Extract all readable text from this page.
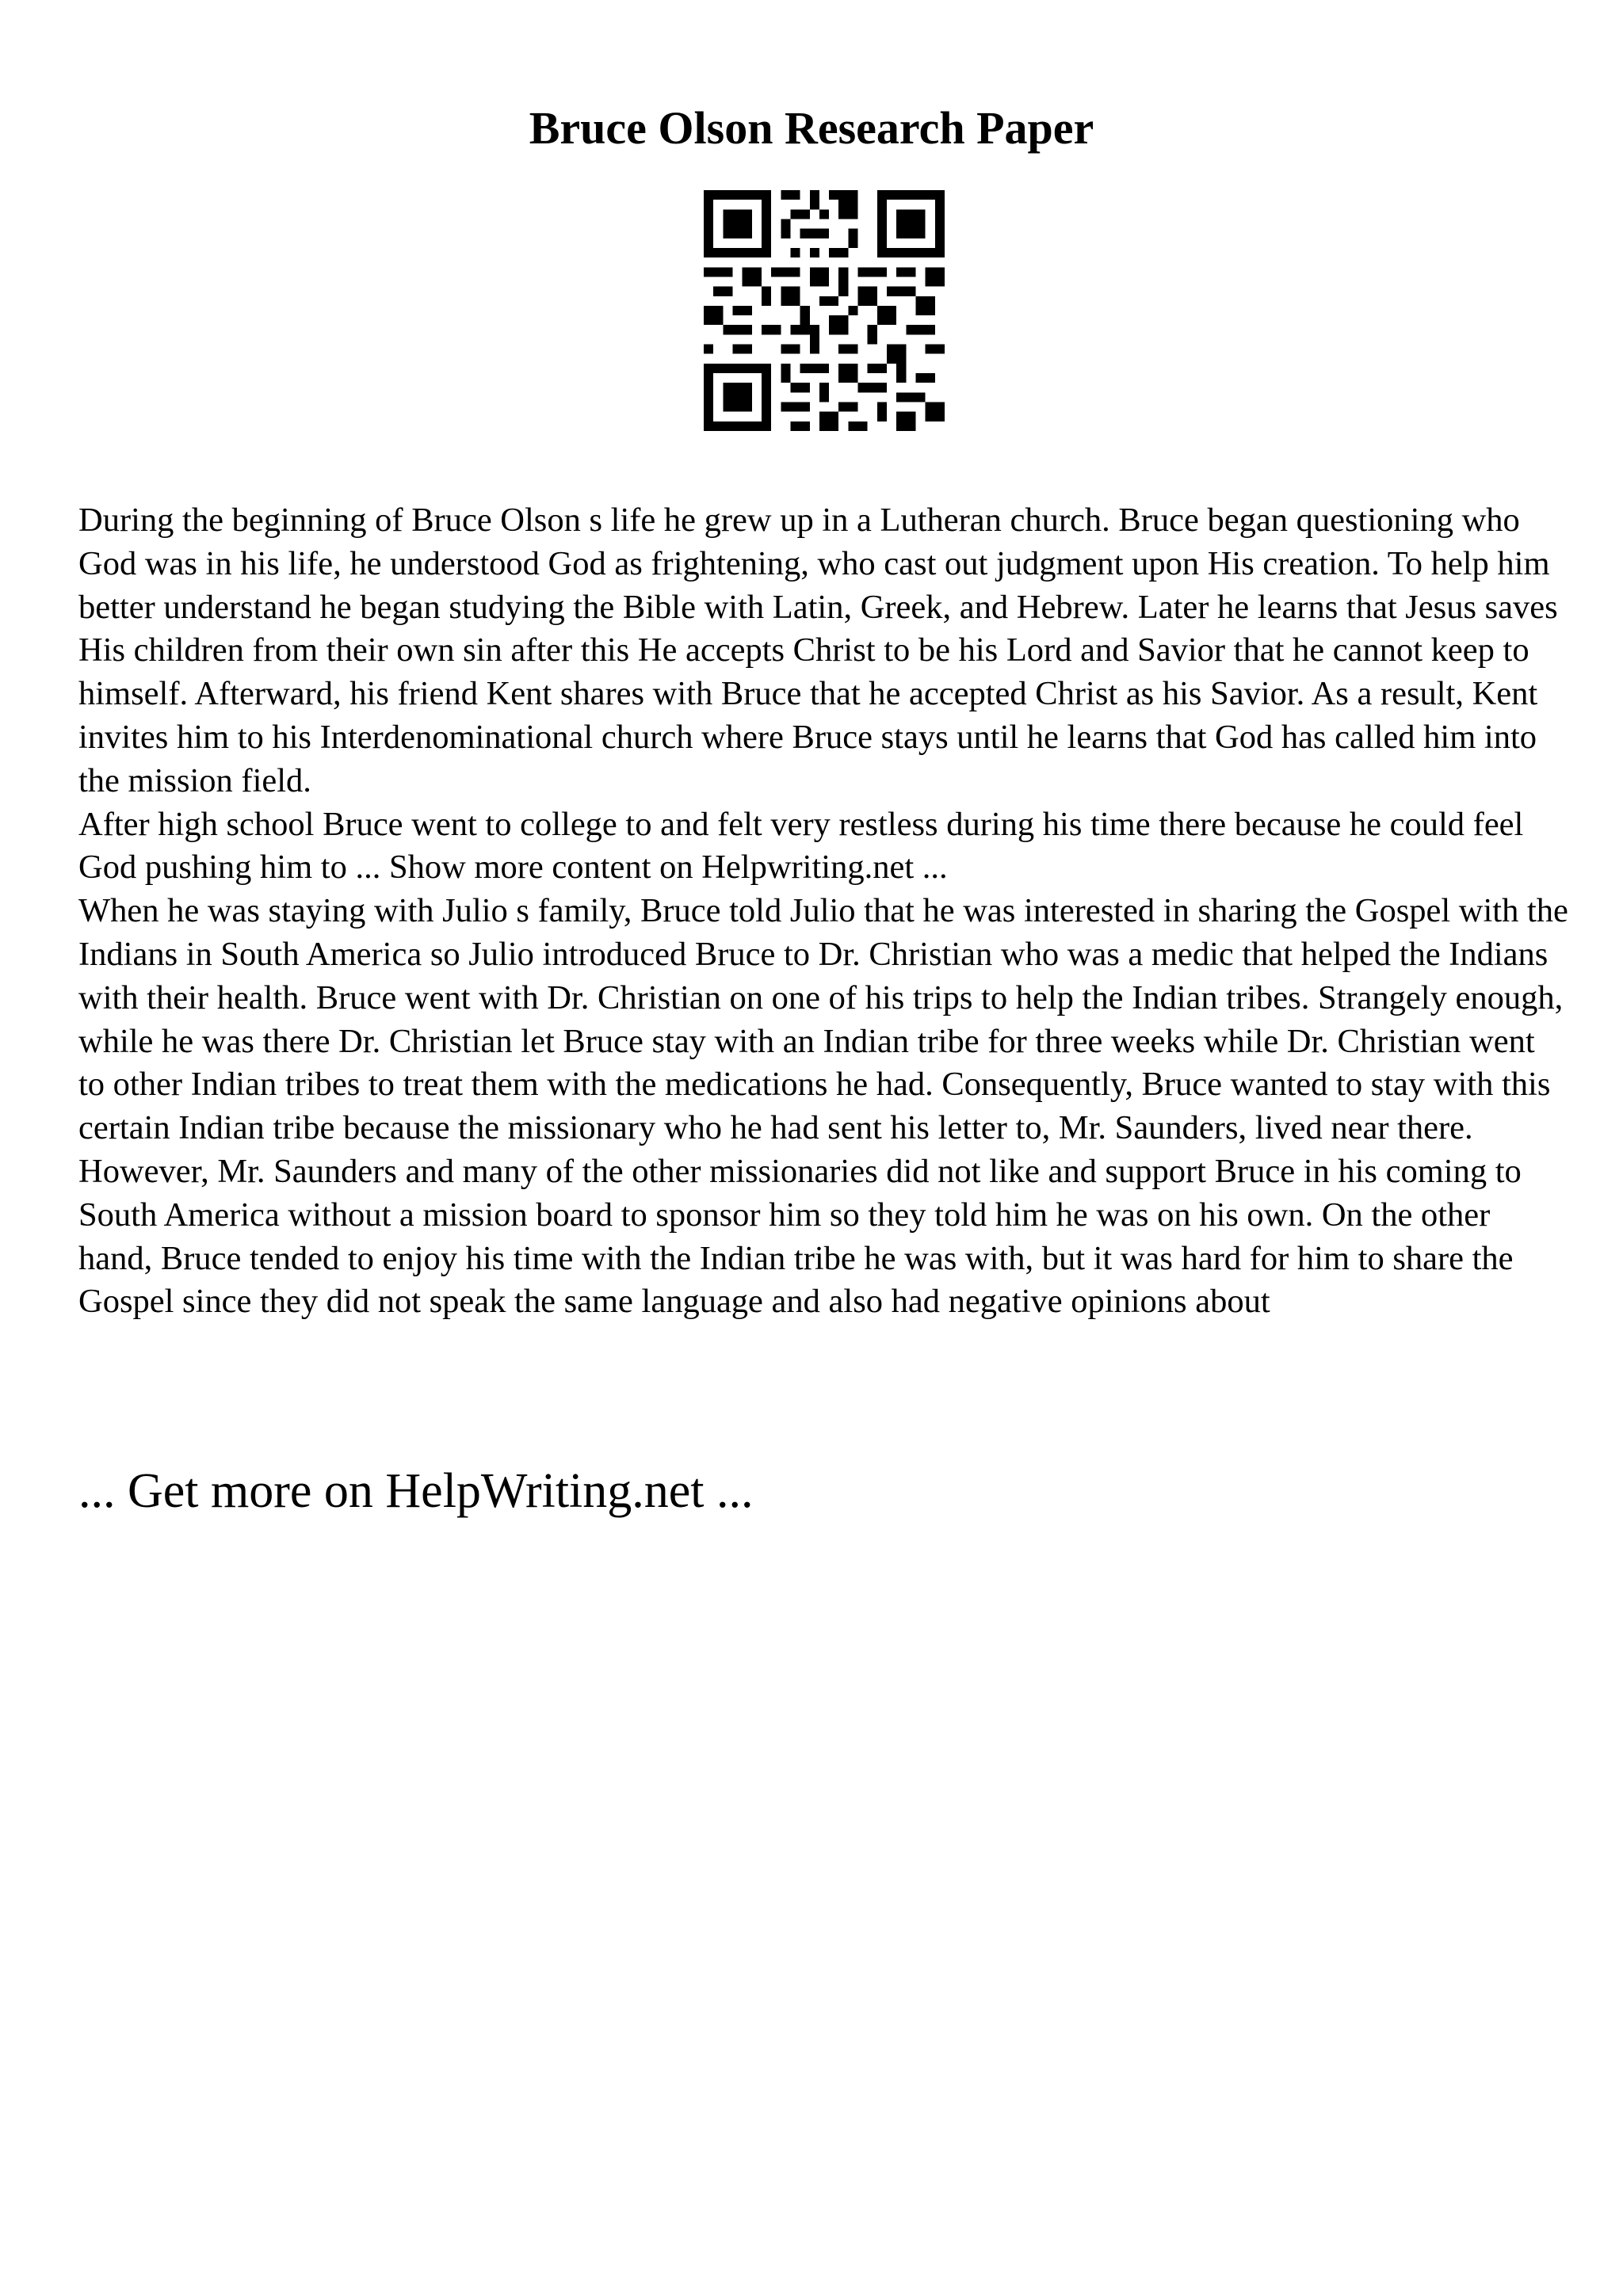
Bruce Olson Research Paper

During the beginning of Bruce Olson s life he grew up in a Lutheran church. Bruce began questioning who God was in his life, he understood God as frightening, who cast out judgment upon His creation. To help him better understand he began studying the Bible with Latin, Greek, and Hebrew. Later he learns that Jesus saves His children from their own sin after this He accepts Christ to be his Lord and Savior that he cannot keep to himself. Afterward, his friend Kent shares with Bruce that he accepted Christ as his Savior. As a result, Kent invites him to his Interdenominational church where Bruce stays until he learns that God has called him into the mission field.

After high school Bruce went to college to and felt very restless during his time there because he could feel God pushing him to ... Show more content on Helpwriting.net ...

When he was staying with Julio s family, Bruce told Julio that he was interested in sharing the Gospel with the Indians in South America so Julio introduced Bruce to Dr. Christian who was a medic that helped the Indians with their health. Bruce went with Dr. Christian on one of his trips to help the Indian tribes. Strangely enough, while he was there Dr. Christian let Bruce stay with an Indian tribe for three weeks while Dr. Christian went to other Indian tribes to treat them with the medications he had. Consequently, Bruce wanted to stay with this certain Indian tribe because the missionary who he had sent his letter to, Mr. Saunders, lived near there. However, Mr. Saunders and many of the other missionaries did not like and support Bruce in his coming to South America without a mission board to sponsor him so they told him he was on his own. On the other hand, Bruce tended to enjoy his time with the Indian tribe he was with, but it was hard for him to share the Gospel since they did not speak the same language and also had negative opinions about

... Get more on HelpWriting.net ...
